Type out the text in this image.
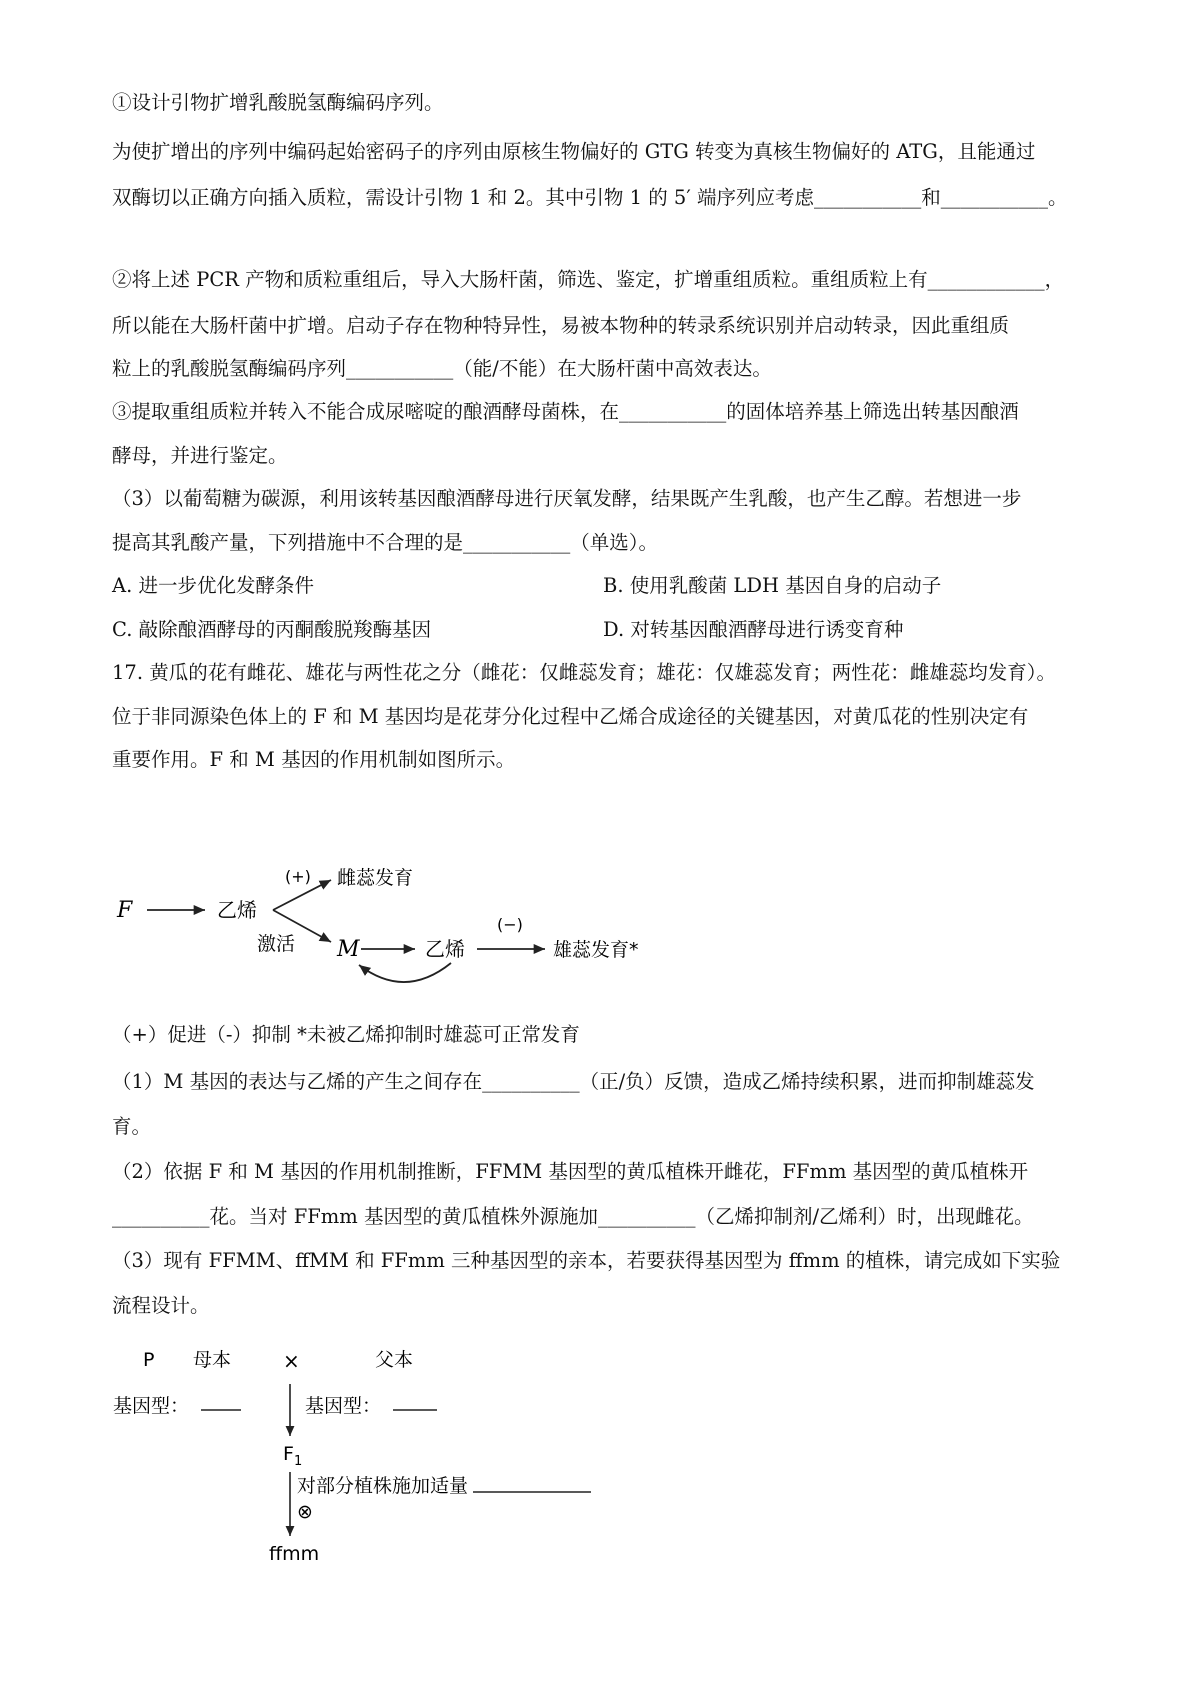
①设计引物扩增乳酸脱氢酶编码序列。
为使扩增出的序列中编码起始密码子的序列由原核生物偏好的 GTG 转变为真核生物偏好的 ATG，且能通过
双酶切以正确方向插入质粒，需设计引物 1 和 2。其中引物 1 的 5′ 端序列应考虑___________和___________。
②将上述 PCR 产物和质粒重组后，导入大肠杆菌，筛选、鉴定，扩增重组质粒。重组质粒上有____________，
所以能在大肠杆菌中扩增。启动子存在物种特异性，易被本物种的转录系统识别并启动转录，因此重组质
粒上的乳酸脱氢酶编码序列___________（能/不能）在大肠杆菌中高效表达。
③提取重组质粒并转入不能合成尿嘧啶的酿酒酵母菌株，在___________的固体培养基上筛选出转基因酿酒
酵母，并进行鉴定。
（3）以葡萄糖为碳源，利用该转基因酿酒酵母进行厌氧发酵，结果既产生乳酸，也产生乙醇。若想进一步
提高其乳酸产量，下列措施中不合理的是___________（单选）。
A. 进一步优化发酵条件	B. 使用乳酸菌 LDH 基因自身的启动子
C. 敲除酿酒酵母的丙酮酸脱羧酶基因	D. 对转基因酿酒酵母进行诱变育种
17. 黄瓜的花有雌花、雄花与两性花之分（雌花：仅雌蕊发育；雄花：仅雄蕊发育；两性花：雌雄蕊均发育）。
位于非同源染色体上的 F 和 M 基因均是花芽分化过程中乙烯合成途径的关键基因，对黄瓜花的性别决定有
重要作用。F 和 M 基因的作用机制如图所示。
F	乙烯
(+) 雌蕊发育
激活 M	乙烯
(−)
雄蕊发育*
（+）促进（-）抑制 *未被乙烯抑制时雄蕊可正常发育
（1）M 基因的表达与乙烯的产生之间存在__________（正/负）反馈，造成乙烯持续积累，进而抑制雄蕊发
育。
（2）依据 F 和 M 基因的作用机制推断，FFMM 基因型的黄瓜植株开雌花，FFmm 基因型的黄瓜植株开
__________花。当对 FFmm 基因型的黄瓜植株外源施加__________（乙烯抑制剂/乙烯利）时，出现雌花。
（3）现有 FFMM、ffMM 和 FFmm 三种基因型的亲本，若要获得基因型为 ffmm 的植株，请完成如下实验
流程设计。
P 母本	×	父本
基因型：	基因型：
$F_1$
对部分植株施加适量
⊗
ffmm
